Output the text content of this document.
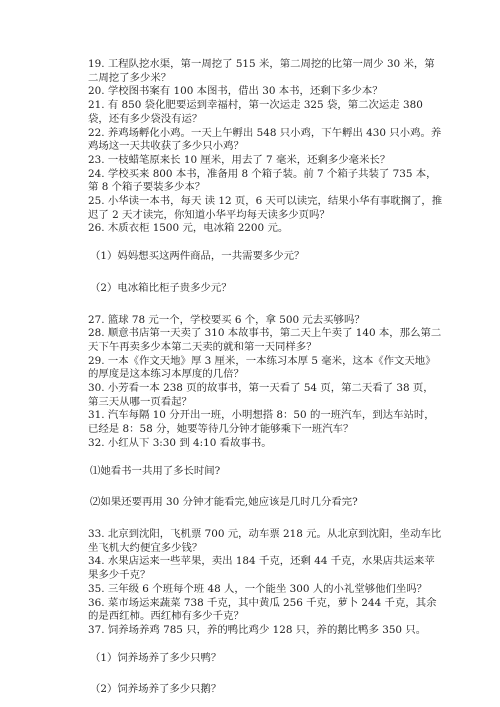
19. 工程队挖水渠，第一周挖了 515 米，第二周挖的比第一周少 30 米，第二周挖了多少米？

20. 学校图书案有 100 本图书，借出 30 本书，还剩下多少本？

21. 有 850 袋化肥要运到幸福村，第一次运走 325 袋，第二次运走 380 袋，还有多少袋没有运？

22. 养鸡场孵化小鸡。一天上午孵出 548 只小鸡，下午孵出 430 只小鸡。养鸡场这一天共收获了多少只小鸡？

23. 一枝蜡笔原来长 10 厘米，用去了 7 毫米，还剩多少毫米长？

24. 学校买来 800 本书，准备用 8 个箱子装。前 7 个箱子共装了 735 本，第 8 个箱子要装多少本？

25. 小华读一本书，每天 读 12 页，6 天可以读完，结果小华有事耽搁了，推迟了 2 天才读完，你知道小华平均每天读多少页吗？

26. 木质衣柜 1500 元，电冰箱 2200 元。

（1）妈妈想买这两件商品，一共需要多少元？

（2）电冰箱比柜子贵多少元？

27. 篮球 78 元一个，学校要买 6 个，拿 500 元去买够吗？

28. 顺意书店第一天卖了 310 本故事书，第二天上午卖了 140 本，那么第二天下午再卖多少本第二天卖的就和第一天同样多？

29. 一本《作文天地》厚 3 厘米，一本练习本厚 5 毫米，这本《作文天地》的厚度是这本练习本厚度的几倍？

30. 小芳看一本 238 页的故事书，第一天看了 54 页，第二天看了 38 页，第三天从哪一页看起？

31. 汽车每隔 10 分开出一班，小明想搭 8：50 的一班汽车，到达车站时，已经是 8：58 分，她要等待几分钟才能够乘下一班汽车？

32. 小红从下 3:30 到 4:10 看故事书。

⑴她看书一共用了多长时间?

⑵如果还要再用 30 分钟才能看完,她应该是几时几分看完?

33. 北京到沈阳，飞机票 700 元，动车票 218 元。从北京到沈阳，坐动车比坐飞机大约便宜多少钱？

34. 水果店运来一些苹果，卖出 184 千克，还剩 44 千克，水果店共运来苹果多少千克？

35. 三年级 6 个班每个班 48 人，一个能坐 300 人的小礼堂够他们坐吗？

36. 菜市场运来蔬菜 738 千克，其中黄瓜 256 千克，萝卜 244 千克，其余的是西红柿。西红柿有多少千克？

37. 饲养场养鸡 785 只，养的鸭比鸡少 128 只，养的鹅比鸭多 350 只。

（1）饲养场养了多少只鸭？

（2）饲养场养了多少只鹅？
